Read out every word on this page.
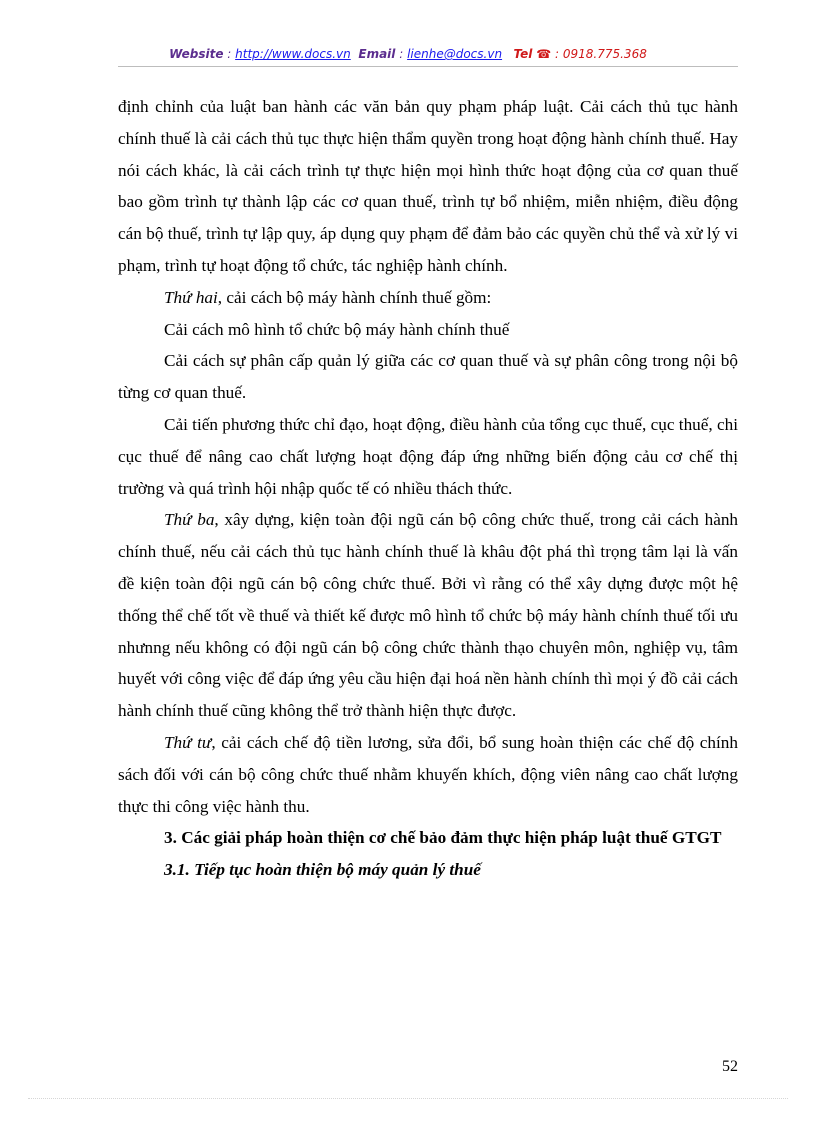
Website : http://www.docs.vn Email : lienhe@docs.vn Tel ☎ : 0918.775.368

định chỉnh của luật ban hành các văn bản quy phạm pháp luật. Cải cách thủ tục hành chính thuế là cải cách thủ tục thực hiện thẩm quyền trong hoạt động hành chính thuế. Hay nói cách khác, là cải cách trình tự thực hiện mọi hình thức hoạt động của cơ quan thuế bao gồm trình tự thành lập các cơ quan thuế, trình tự bổ nhiệm, miễn nhiệm, điều động cán bộ thuế, trình tự lập quy, áp dụng quy phạm để đảm bảo các quyền chủ thể và xử lý vi phạm, trình tự hoạt động tổ chức, tác nghiệp hành chính.

Thứ hai, cải cách bộ máy hành chính thuế gồm:

Cải cách mô hình tổ chức bộ máy hành chính thuế

Cải cách sự phân cấp quản lý giữa các cơ quan thuế và sự phân công trong nội bộ từng cơ quan thuế.

Cải tiến phương thức chỉ đạo, hoạt động, điều hành của tổng cục thuế, cục thuế, chi cục thuế để nâng cao chất lượng hoạt động đáp ứng những biến động cảu cơ chế thị trường và quá trình hội nhập quốc tế có nhiều thách thức.

Thứ ba, xây dựng, kiện toàn đội ngũ cán bộ công chức thuế, trong cải cách hành chính thuế, nếu cải cách thủ tục hành chính thuế là khâu đột phá thì trọng tâm lại là vấn đề kiện toàn đội ngũ cán bộ công chức thuế. Bởi vì rằng có thể xây dựng được một hệ thống thể chế tốt về thuế và thiết kế được mô hình tổ chức bộ máy hành chính thuế tối ưu nhưnng nếu không có đội ngũ cán bộ công chức thành thạo chuyên môn, nghiệp vụ, tâm huyết với công việc để đáp ứng yêu cầu hiện đại hoá nền hành chính thì mọi ý đồ cải cách hành chính thuế cũng không thể trở thành hiện thực được.

Thứ tư, cải cách chế độ tiền lương, sửa đổi, bổ sung hoàn thiện các chế độ chính sách đối với cán bộ công chức thuế nhằm khuyến khích, động viên nâng cao chất lượng thực thi công việc hành thu.

3. Các giải pháp hoàn thiện cơ chế bảo đảm thực hiện pháp luật thuế GTGT

3.1. Tiếp tục hoàn thiện bộ máy quản lý thuế

52
